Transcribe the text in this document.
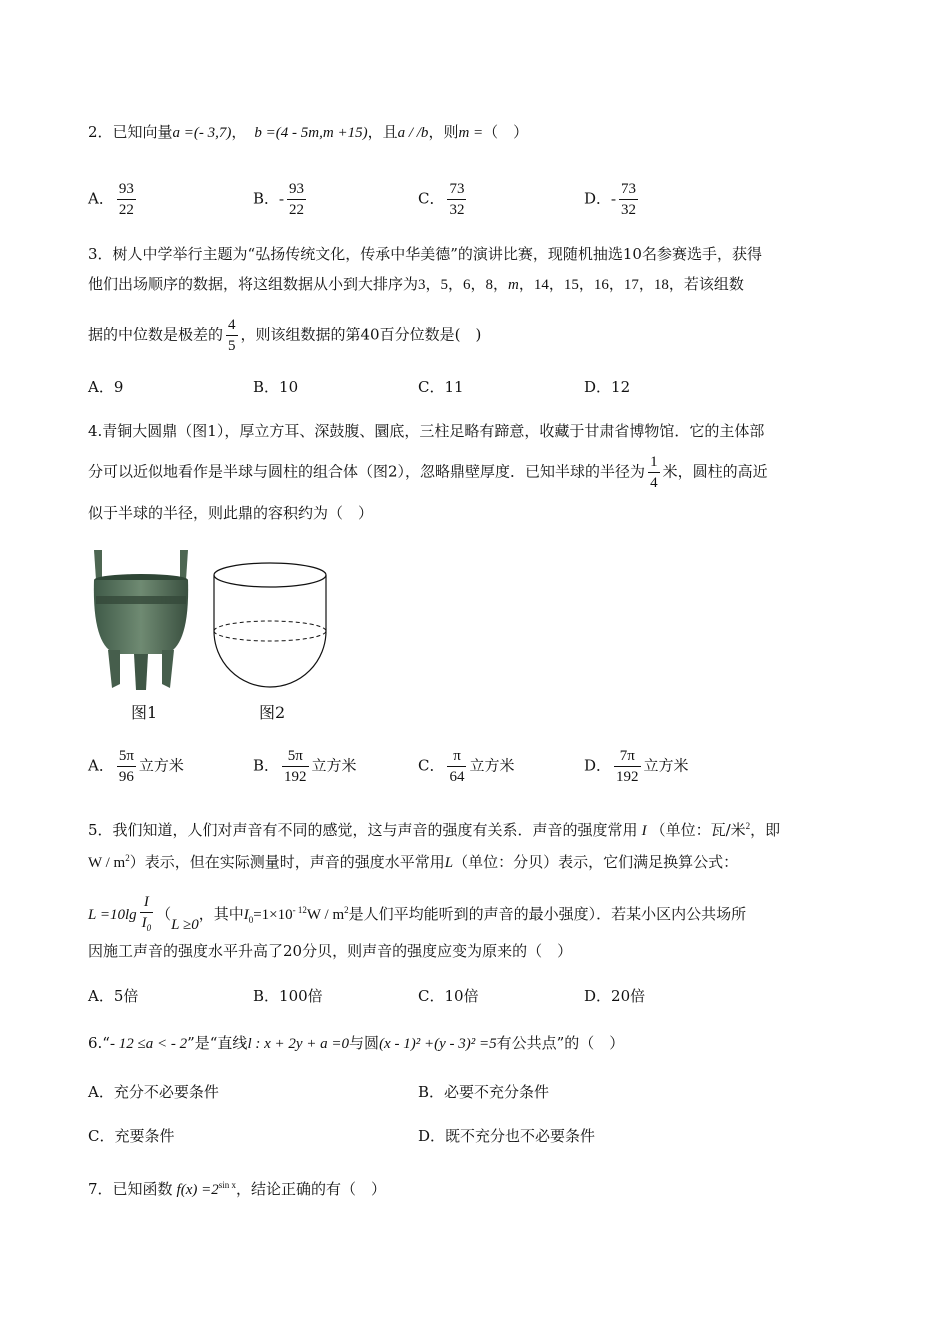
2．已知向量a =(- 3,7)， b =(4 - 5m,m +15)，且a / /b，则m =（　）
A． $\frac{93}{22}$	B．- $\frac{93}{22}$	C． $\frac{73}{32}$	D．- $\frac{73}{32}$
3．树人中学举行主题为“弘扬传统文化，传承中华美德”的演讲比赛，现随机抽选10名参赛选手，获得
他们出场顺序的数据，将这组数据从小到大排序为3，5，6，8，m，14，15，16，17，18，若该组数
据的中位数是极差的 $\frac{4}{5}$ ，则该组数据的第40百分位数是(　)
A．9	B．10	C．11	D．12
4.青铜大圆鼎（图1），厚立方耳、深鼓腹、圜底，三柱足略有蹄意，收藏于甘肃省博物馆．它的主体部
分可以近似地看作是半球与圆柱的组合体（图2），忽略鼎壁厚度．已知半球的半径为 $\frac{1}{4}$ 米，圆柱的高近
似于半球的半径，则此鼎的容积约为（　）
图1	图2
A． $\frac{5\pi}{96}$ 立方米	B． $\frac{5\pi}{192}$ 立方米	C． $\frac{\pi}{64}$ 立方米	D． $\frac{7\pi}{192}$ 立方米
5．我们知道，人们对声音有不同的感觉，这与声音的强度有关系．声音的强度常用 I （单位：瓦/米$^2$，即
W / $m^2$）表示，但在实际测量时，声音的强度水平常用L（单位：分贝）表示，它们满足换算公式：
$L =10\lg \frac{I}{I_0} (L \ge 0$，其中$I_0=1\times 10^{- 12}W / m^2$是人们平均能听到的声音的最小强度）．若某小区内公共场所
因施工声音的强度水平升高了20分贝，则声音的强度应变为原来的（　）
A．5倍	B．100倍	C．10倍	D．20倍
6.“- 12 ≤a < - 2”是“直线l : x + 2y + a =0与圆(x - 1)² +(y - 3)² =5有公共点”的（　）
A．充分不必要条件	B．必要不充分条件
C．充要条件	D．既不充分也不必要条件
7．已知函数 $f(x) =2^{sin x}$，结论正确的有（　）
